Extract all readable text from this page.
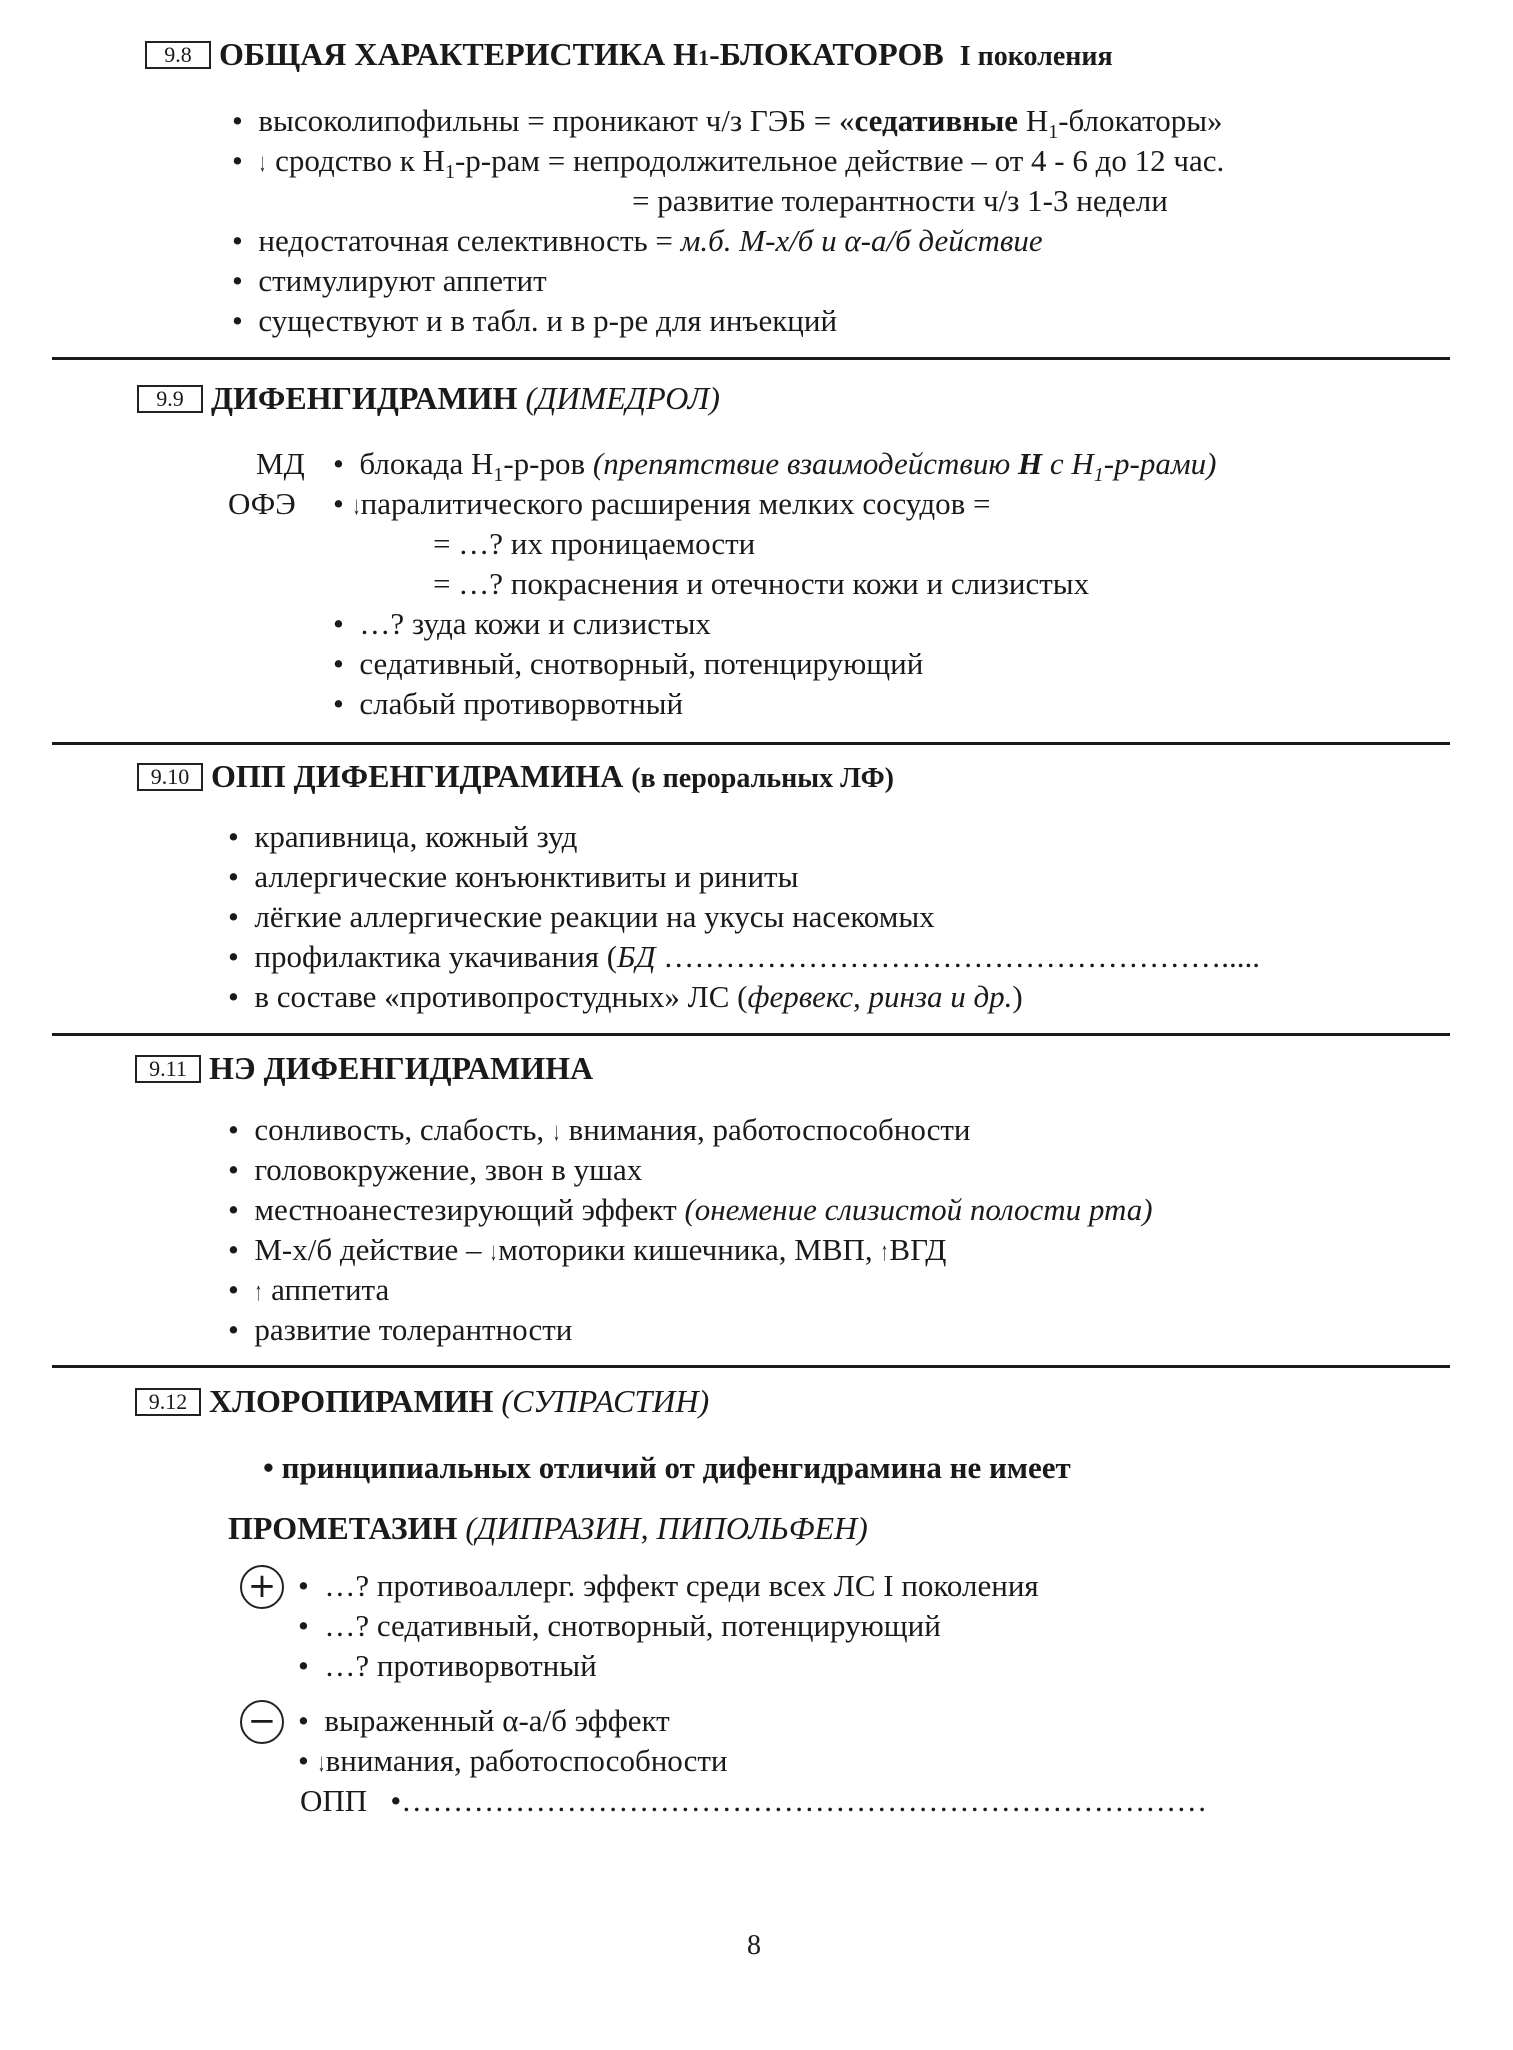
9.8 ОБЩАЯ ХАРАКТЕРИСТИКА Н1-БЛОКАТОРОВ I поколения
• высоколипофильны = проникают ч/з ГЭБ = «седативные $Н_1$-блокаторы»
• ↓ сродство к $Н_1-р$-рам = непродолжительное действие – от 4 - 6 до 12 час.
= развитие толерантности ч/з 1-3 недели
• недостаточная селективность = м.б. М-х/б и α-а/б действие
• стимулируют аппетит
• существуют и в табл. и в р-ре для инъекций
9.9 ДИФЕНГИДРАМИН (ДИМЕДРОЛ)
МД • блокада $Н_1-р$-ров (препятствие взаимодействию Н с $Н_1-р-рами$)
ОФЭ • ↓паралитического расширения мелких сосудов =
= …? их проницаемости
= …? покраснения и отечности кожи и слизистых
• …? зуда кожи и слизистых
• седативный, снотворный, потенцирующий
• слабый противорвотный
9.10 ОПП ДИФЕНГИДРАМИНА (в пероральных ЛФ)
• крапивница, кожный зуд
• аллергические конъюнктивиты и риниты
• лёгкие аллергические реакции на укусы насекомых
• профилактика укачивания (БД ……………………………………………….....
• в составе «противопростудных» ЛС (фервекс, ринза и др.)
9.11 НЭ ДИФЕНГИДРАМИНА
• сонливость, слабость, ↓ внимания, работоспособности
• головокружение, звон в ушах
• местноанестезирующий эффект (онемение слизистой полости рта)
• М-х/б действие – ↓моторики кишечника, МВП, ↑ВГД
• ↑ аппетита
• развитие толерантности
9.12 ХЛОРОПИРАМИН (СУПРАСТИН)
• принципиальных отличий от дифенгидрамина не имеет
ПРОМЕТАЗИН (ДИПРАЗИН, ПИПОЛЬФЕН)
+ • …? противоаллерг. эффект среди всех ЛС I поколения
• …? седативный, снотворный, потенцирующий
• …? противорвотный
− • выраженный α-а/б эффект
• ↓внимания, работоспособности
ОПП •……………………………………………………………………
8
